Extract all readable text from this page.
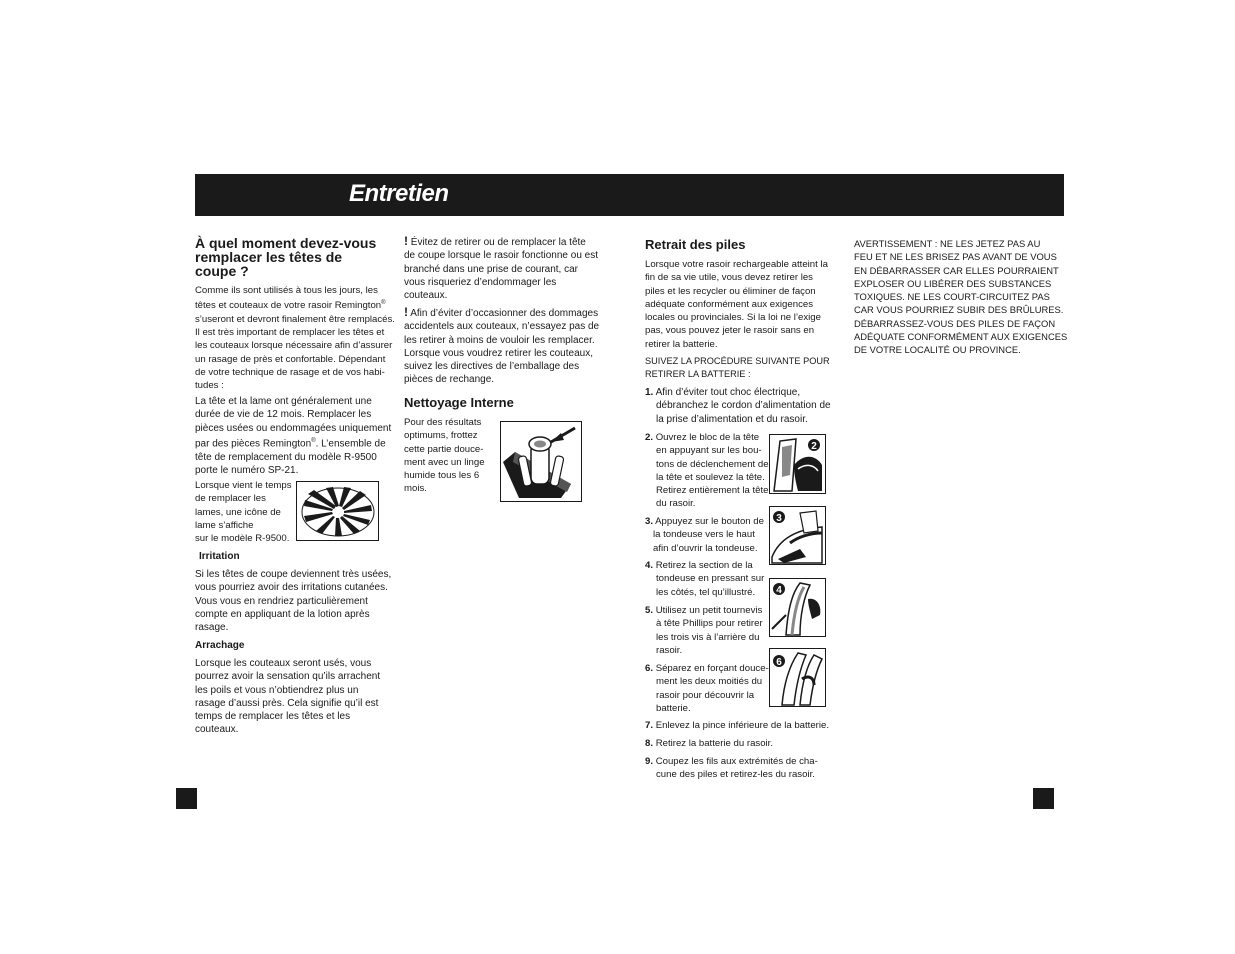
Entretien
À quel moment devez-vous
remplacer les têtes de
coupe ?
Comme ils sont utilisés à tous les jours, les
têtes et couteaux de votre rasoir Remington®
s’useront et devront finalement être remplacés.
Il est très important de remplacer les têtes et
les couteaux lorsque nécessaire afin d’assurer
un rasage de près et confortable. Dépendant
de votre technique de rasage et de vos habi-
tudes :
La tête et la lame ont généralement une
durée de vie de 12 mois. Remplacer les
pièces usées ou endommagées uniquement
par des pièces Remington®. L’ensemble de
tête de remplacement du modèle R-9500
porte le numéro SP-21.
Lorsque vient le temps
de remplacer les
lames, une icône de
lame s’affiche
sur le modèle R-9500.
Irritation
Si les têtes de coupe deviennent très usées,
vous pourriez avoir des irritations cutanées.
Vous vous en rendriez particulièrement
compte en appliquant de la lotion après
rasage.
Arrachage
Lorsque les couteaux seront usés, vous
pourrez avoir la sensation qu’ils arrachent
les poils et vous n’obtiendrez plus un
rasage d’aussi près. Cela signifie qu’il est
temps de remplacer les têtes et les
couteaux.
! Évitez de retirer ou de remplacer la tête
de coupe lorsque le rasoir fonctionne ou est
branché dans une prise de courant, car
vous risqueriez d’endommager les
couteaux.
! Afin d’éviter d’occasionner des dommages
accidentels aux couteaux, n’essayez pas de
les retirer à moins de vouloir les remplacer.
Lorsque vous voudrez retirer les couteaux,
suivez les directives de l’emballage des
pièces de rechange.
Nettoyage Interne
Pour des résultats
optimums, frottez
cette partie douce-
ment avec un linge
humide tous les 6
mois.
Retrait des piles
Lorsque votre rasoir rechargeable atteint la
fin de sa vie utile, vous devez retirer les
piles et les recycler ou éliminer de façon
adéquate conformément aux exigences
locales ou provinciales. Si la loi ne l’exige
pas, vous pouvez jeter le rasoir sans en
retirer la batterie.
SUIVEZ LA PROCÉDURE SUIVANTE POUR
RETIRER LA BATTERIE :
1. Afin d’éviter tout choc électrique,
débranchez le cordon d’alimentation de
la prise d’alimentation et du rasoir.
2. Ouvrez le bloc de la tête
en appuyant sur les bou-
tons de déclenchement de
la tête et soulevez la tête.
Retirez entièrement la tête
du rasoir.
3. Appuyez sur le bouton de
la tondeuse vers le haut
afin d’ouvrir la tondeuse.
4. Retirez la section de la
tondeuse en pressant sur
les côtés, tel qu’illustré.
5. Utilisez un petit tournevis
à tête Phillips pour retirer
les trois vis à l’arrière du
rasoir.
6. Séparez en forçant douce-
ment les deux moitiés du
rasoir pour découvrir la
batterie.
7. Enlevez la pince inférieure de la batterie.
8. Retirez la batterie du rasoir.
9. Coupez les fils aux extrémités de cha-
cune des piles et retirez-les du rasoir.
2
3
4
6
AVERTISSEMENT : NE LES JETEZ PAS AU
FEU ET NE LES BRISEZ PAS AVANT DE VOUS
EN DÉBARRASSER CAR ELLES POURRAIENT
EXPLOSER OU LIBÉRER DES SUBSTANCES
TOXIQUES. NE LES COURT-CIRCUITEZ PAS
CAR VOUS POURRIEZ SUBIR DES BRÛLURES.
DÉBARRASSEZ-VOUS DES PILES DE FAÇON
ADÉQUATE CONFORMÉMENT AUX EXIGENCES
DE VOTRE LOCALITÉ OU PROVINCE.
